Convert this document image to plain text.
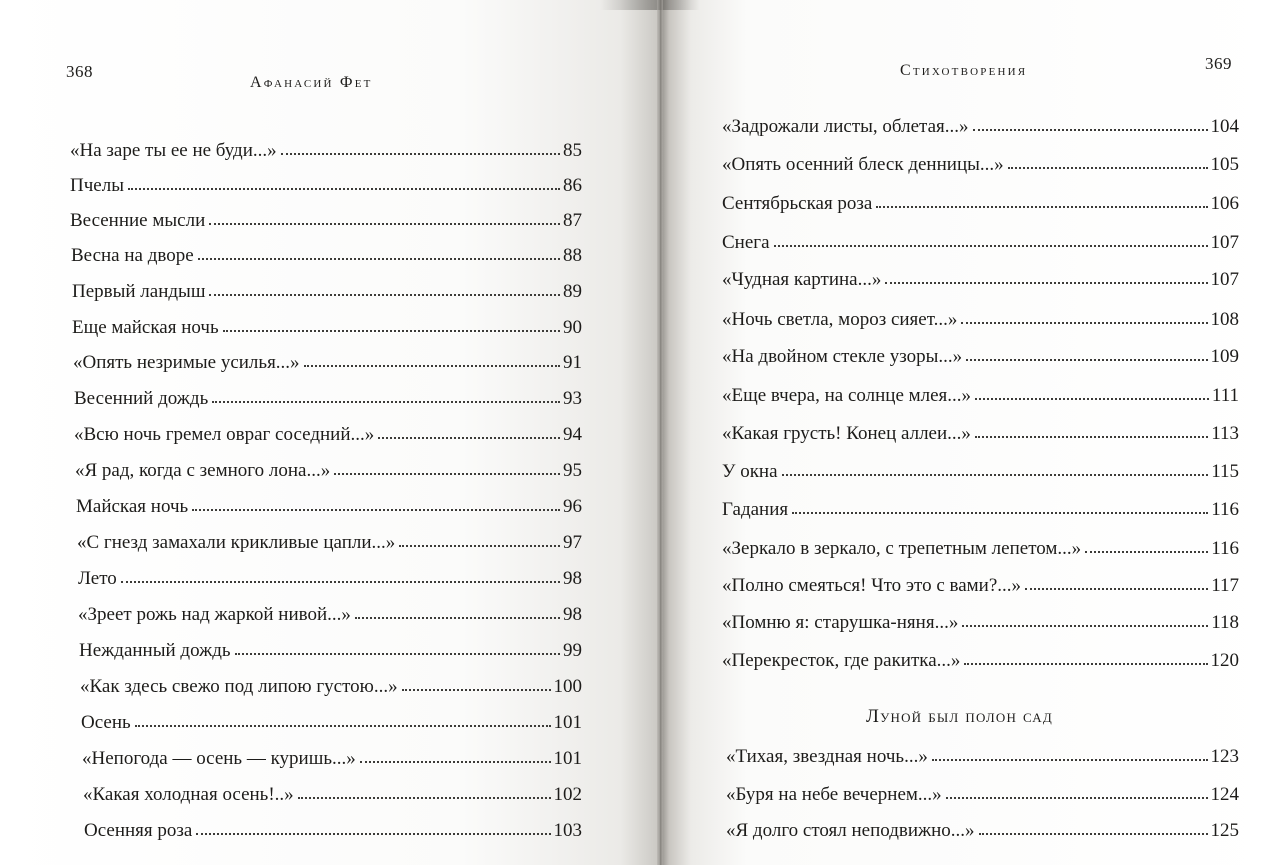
368

Афанасий Фет

«На заре ты ее не буди...»	85
Пчелы	86
Весенние мысли	87
Весна на дворе	88
Первый ландыш	89
Еще майская ночь	90
«Опять незримые усилья...»	91
Весенний дождь	93
«Всю ночь гремел овраг соседний...»	94
«Я рад, когда с земного лона...»	95
Майская ночь	96
«С гнезд замахали крикливые цапли...»	97
Лето	98
«Зреет рожь над жаркой нивой...»	98
Нежданный дождь	99
«Как здесь свежо под липою густою...»	100
Осень	101
«Непогода — осень — куришь...»	101
«Какая холодная осень!..»	102
Осенняя роза	103

Стихотворения	369

«Задрожали листы, облетая...»	104
«Опять осенний блеск денницы...»	105
Сентябрьская роза	106
Снега	107
«Чудная картина...»	107
«Ночь светла, мороз сияет...»	108
«На двойном стекле узоры...»	109
«Еще вчера, на солнце млея...»	111
«Какая грусть! Конец аллеи...»	113
У окна	115
Гадания	116
«Зеркало в зеркало, с трепетным лепетом...»	116
«Полно смеяться! Что это с вами?...»	117
«Помню я: старушка-няня...»	118
«Перекресток, где ракитка...»	120

Луной был полон сад

«Тихая, звездная ночь...»	123
«Буря на небе вечернем...»	124
«Я долго стоял неподвижно...»	125
